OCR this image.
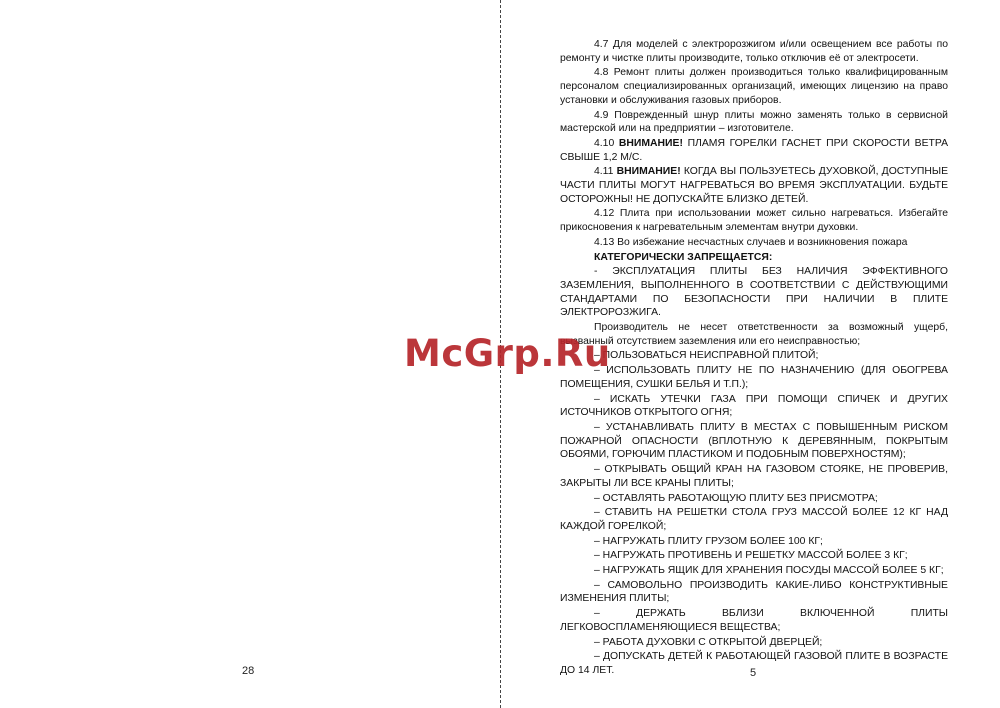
28

4.7 Для моделей с электророзжигом и/или освещением все работы по ремонту и чистке плиты производите, только отключив её от электросети.

4.8 Ремонт плиты должен производиться только квалифицированным персоналом специализированных организаций, имеющих лицензию на право установки и обслуживания газовых приборов.

4.9 Поврежденный шнур плиты можно заменять только в сервисной мастерской или на предприятии – изготовителе.

4.10 ВНИМАНИЕ! ПЛАМЯ ГОРЕЛКИ ГАСНЕТ ПРИ СКОРОСТИ ВЕТРА СВЫШЕ 1,2 М/С.

4.11 ВНИМАНИЕ! КОГДА ВЫ ПОЛЬЗУЕТЕСЬ ДУХОВКОЙ, ДОСТУПНЫЕ ЧАСТИ ПЛИТЫ МОГУТ НАГРЕВАТЬСЯ ВО ВРЕМЯ ЭКСПЛУАТАЦИИ. БУДЬТЕ ОСТОРОЖНЫ! НЕ ДОПУСКАЙТЕ БЛИЗКО ДЕТЕЙ.

4.12 Плита при использовании может сильно нагреваться. Избегайте прикосновения к нагревательным элементам внутри духовки.

4.13 Во избежание несчастных случаев и возникновения пожара

КАТЕГОРИЧЕСКИ ЗАПРЕЩАЕТСЯ:

- ЭКСПЛУАТАЦИЯ ПЛИТЫ БЕЗ НАЛИЧИЯ ЭФФЕКТИВНОГО ЗАЗЕМЛЕНИЯ, ВЫПОЛНЕННОГО В СООТВЕТСТВИИ С ДЕЙСТВУЮЩИМИ СТАНДАРТАМИ ПО БЕЗОПАСНОСТИ ПРИ НАЛИЧИИ В ПЛИТЕ ЭЛЕКТРОРОЗЖИГА.

Производитель не несет ответственности за возможный ущерб, вызванный отсутствием заземления или его неисправностью;

– ПОЛЬЗОВАТЬСЯ НЕИСПРАВНОЙ ПЛИТОЙ;

– ИСПОЛЬЗОВАТЬ ПЛИТУ НЕ ПО НАЗНАЧЕНИЮ (ДЛЯ ОБОГРЕВА ПОМЕЩЕНИЯ, СУШКИ БЕЛЬЯ И Т.П.);

– ИСКАТЬ УТЕЧКИ ГАЗА ПРИ ПОМОЩИ СПИЧЕК И ДРУГИХ ИСТОЧНИКОВ ОТКРЫТОГО ОГНЯ;

– УСТАНАВЛИВАТЬ ПЛИТУ В МЕСТАХ С ПОВЫШЕННЫМ РИСКОМ ПОЖАРНОЙ ОПАСНОСТИ (ВПЛОТНУЮ К ДЕРЕВЯННЫМ, ПОКРЫТЫМ ОБОЯМИ, ГОРЮЧИМ ПЛАСТИКОМ И ПОДОБНЫМ ПОВЕРХНОСТЯМ);

– ОТКРЫВАТЬ ОБЩИЙ КРАН НА ГАЗОВОМ СТОЯКЕ, НЕ ПРОВЕРИВ, ЗАКРЫТЫ ЛИ ВСЕ КРАНЫ ПЛИТЫ;

– ОСТАВЛЯТЬ РАБОТАЮЩУЮ ПЛИТУ БЕЗ ПРИСМОТРА;

– СТАВИТЬ НА РЕШЕТКИ СТОЛА ГРУЗ МАССОЙ БОЛЕЕ 12 КГ НАД КАЖДОЙ ГОРЕЛКОЙ;

– НАГРУЖАТЬ ПЛИТУ ГРУЗОМ БОЛЕЕ 100 КГ;

– НАГРУЖАТЬ ПРОТИВЕНЬ И РЕШЕТКУ МАССОЙ БОЛЕЕ 3 КГ;

– НАГРУЖАТЬ ЯЩИК ДЛЯ ХРАНЕНИЯ ПОСУДЫ МАССОЙ БОЛЕЕ 5 КГ;

– САМОВОЛЬНО ПРОИЗВОДИТЬ КАКИЕ-ЛИБО КОНСТРУКТИВНЫЕ ИЗМЕНЕНИЯ ПЛИТЫ;

– ДЕРЖАТЬ ВБЛИЗИ ВКЛЮЧЕННОЙ ПЛИТЫ ЛЕГКОВОСПЛАМЕНЯЮЩИЕСЯ ВЕЩЕСТВА;

– РАБОТА ДУХОВКИ С ОТКРЫТОЙ ДВЕРЦЕЙ;

– ДОПУСКАТЬ ДЕТЕЙ К РАБОТАЮЩЕЙ ГАЗОВОЙ ПЛИТЕ В ВОЗРАСТЕ ДО 14 ЛЕТ.	5
McGrp.Ru
